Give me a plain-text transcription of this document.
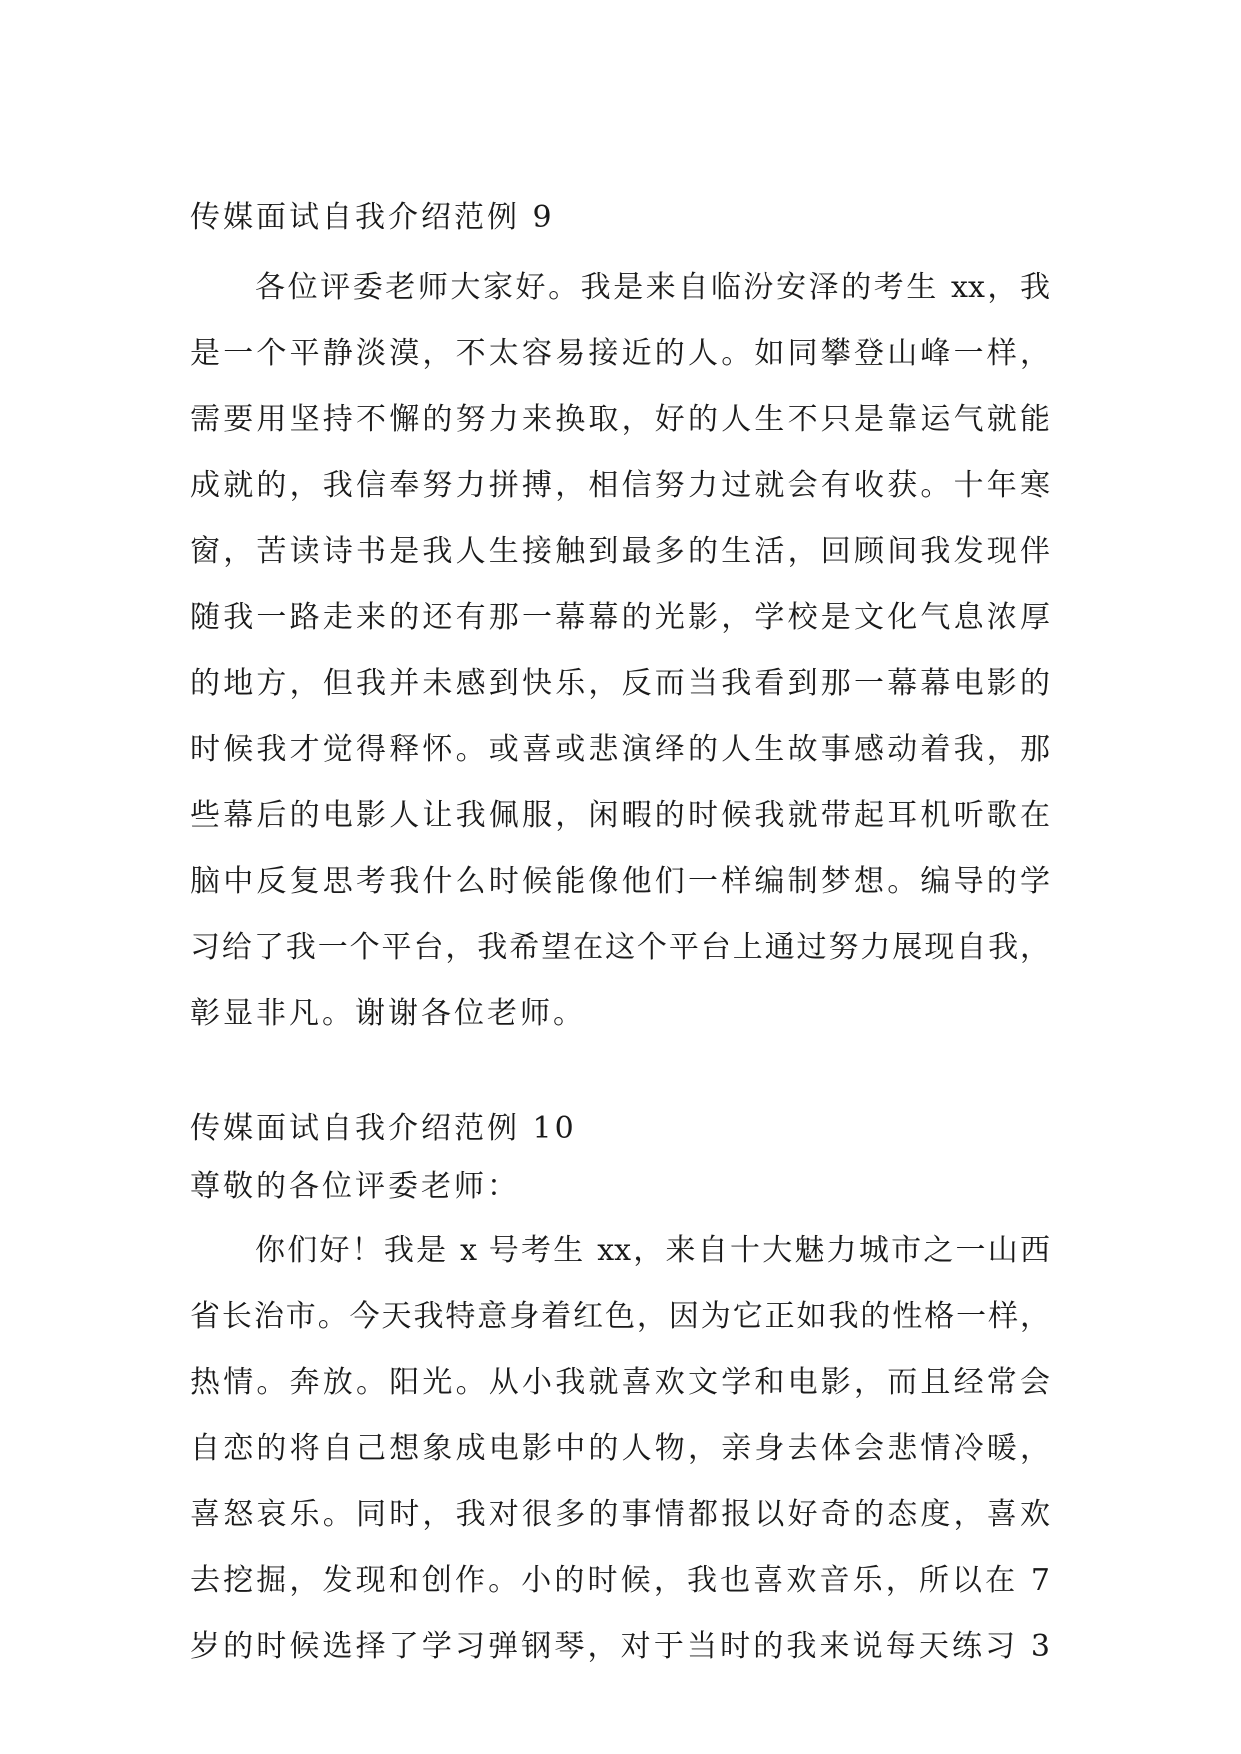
传媒面试自我介绍范例 9
各位评委老师大家好。我是来自临汾安泽的考生 xx，我
是一个平静淡漠，不太容易接近的人。如同攀登山峰一样，
需要用坚持不懈的努力来换取，好的人生不只是靠运气就能
成就的，我信奉努力拼搏，相信努力过就会有收获。十年寒
窗，苦读诗书是我人生接触到最多的生活，回顾间我发现伴
随我一路走来的还有那一幕幕的光影，学校是文化气息浓厚
的地方，但我并未感到快乐，反而当我看到那一幕幕电影的
时候我才觉得释怀。或喜或悲演绎的人生故事感动着我，那
些幕后的电影人让我佩服，闲暇的时候我就带起耳机听歌在
脑中反复思考我什么时候能像他们一样编制梦想。编导的学
习给了我一个平台，我希望在这个平台上通过努力展现自我，
彰显非凡。谢谢各位老师。
传媒面试自我介绍范例 10
尊敬的各位评委老师：
你们好！我是 x 号考生 xx，来自十大魅力城市之一山西
省长治市。今天我特意身着红色，因为它正如我的性格一样，
热情。奔放。阳光。从小我就喜欢文学和电影，而且经常会
自恋的将自己想象成电影中的人物，亲身去体会悲情冷暖，
喜怒哀乐。同时，我对很多的事情都报以好奇的态度，喜欢
去挖掘，发现和创作。小的时候，我也喜欢音乐，所以在 7
岁的时候选择了学习弹钢琴，对于当时的我来说每天练习 3
